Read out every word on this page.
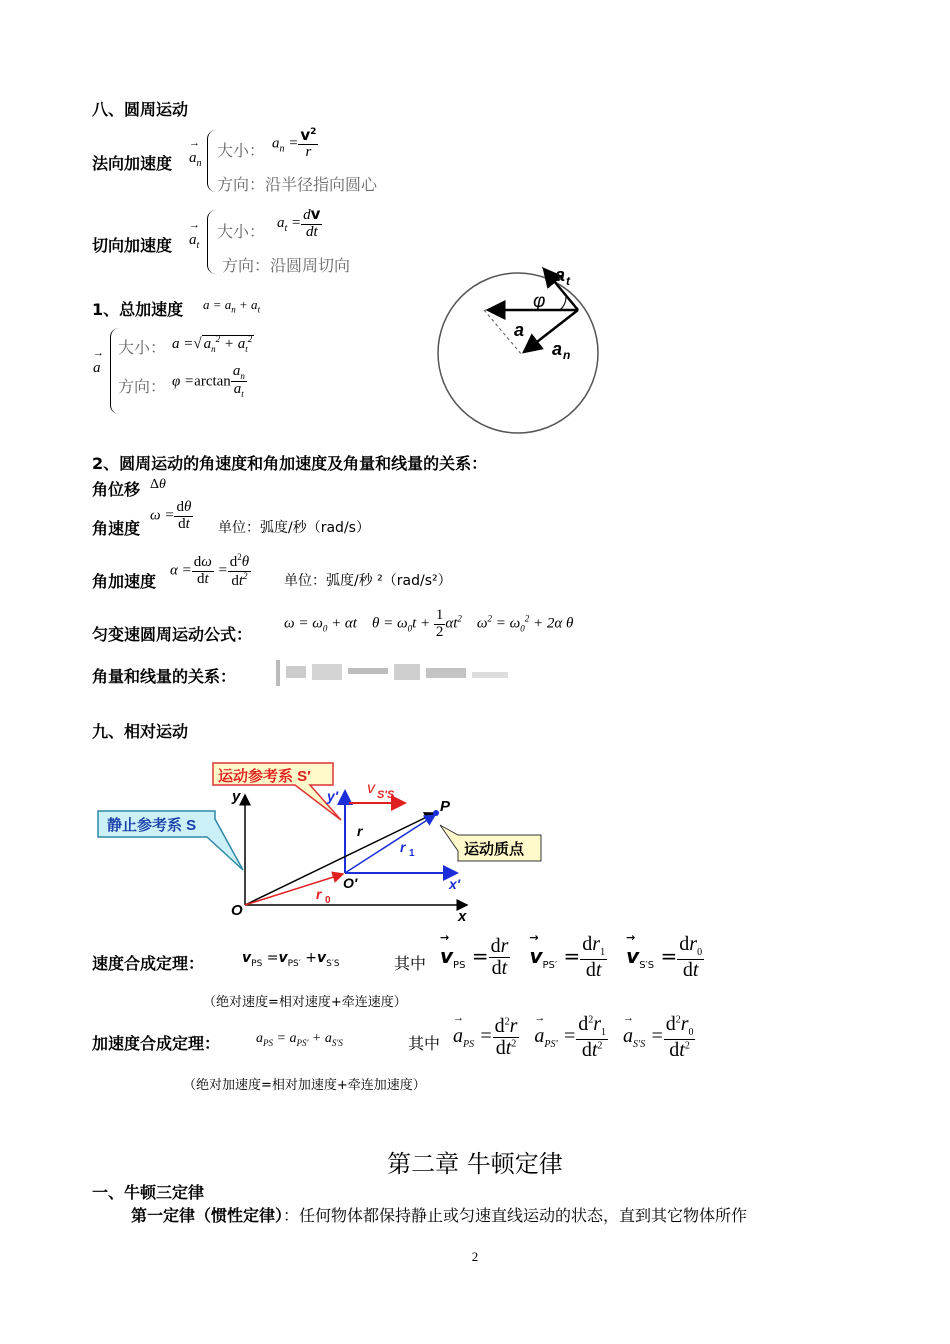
八、圆周运动
法向加速度
→ $a_n$
大小： $a_n = \frac{v^2}{r}$
方向：沿半径指向圆心
切向加速度
→ $a_t$
大小： $a_t = \frac{dv}{dt}$
方向：沿圆周切向
1、总加速度 $a = a_n + a_t$
→ a
大小： a =√ $a_n^2 + a_t^2$
方向： $\varphi =\arctan \frac{a_n}{a_t}$
φ
a
a t
a n
2、圆周运动的角速度和角加速度及角量和线量的关系：
角位移 Δθ
角速度
$\omega = \frac{d\theta}{dt}$ 单位：弧度/秒（rad/s）
角加速度
$\alpha = \frac{d\omega}{dt} = \frac{d^2\theta}{dt^2}$ 单位：弧度/秒 ²（rad/s²）
匀变速圆周运动公式：
$\omega = \omega_0 + \alpha t$    $\theta = \omega_0t + \frac{1}{2} \alpha t^2$    $\omega^2 = \omega_0^2 + 2\alpha$ θ
角量和线量的关系：
九、相对运动
运动参考系 S′
静止参考系 S
运动质点
y
x
O
y′
x′
O′
P
r
r 1
r 0
v S′S
速度合成定理：	$v_{PS} =v_{PS'} +v_{S'S}$	其中
→ $v_{PS} = \frac{dr}{dt}$
→ $v_{PS'} = \frac{dr_1}{dt}$
→ $v_{S'S} = \frac{dr_0}{dt}$
（绝对速度=相对速度+牵连速度）
加速度合成定理：	$a_{PS} = a_{PS'} + a_{S'S}$	其中
→ $a_{PS} = \frac{d^2r}{dt^2}$
→ $a_{PS'} = \frac{d^2r_1}{dt^2}$
→ $a_{S'S} = \frac{d^2r_0}{dt^2}$
（绝对加速度=相对加速度+牵连加速度）
第二章 牛顿定律
一、牛顿三定律
第一定律（惯性定律）：任何物体都保持静止或匀速直线运动的状态，直到其它物体所作
2
